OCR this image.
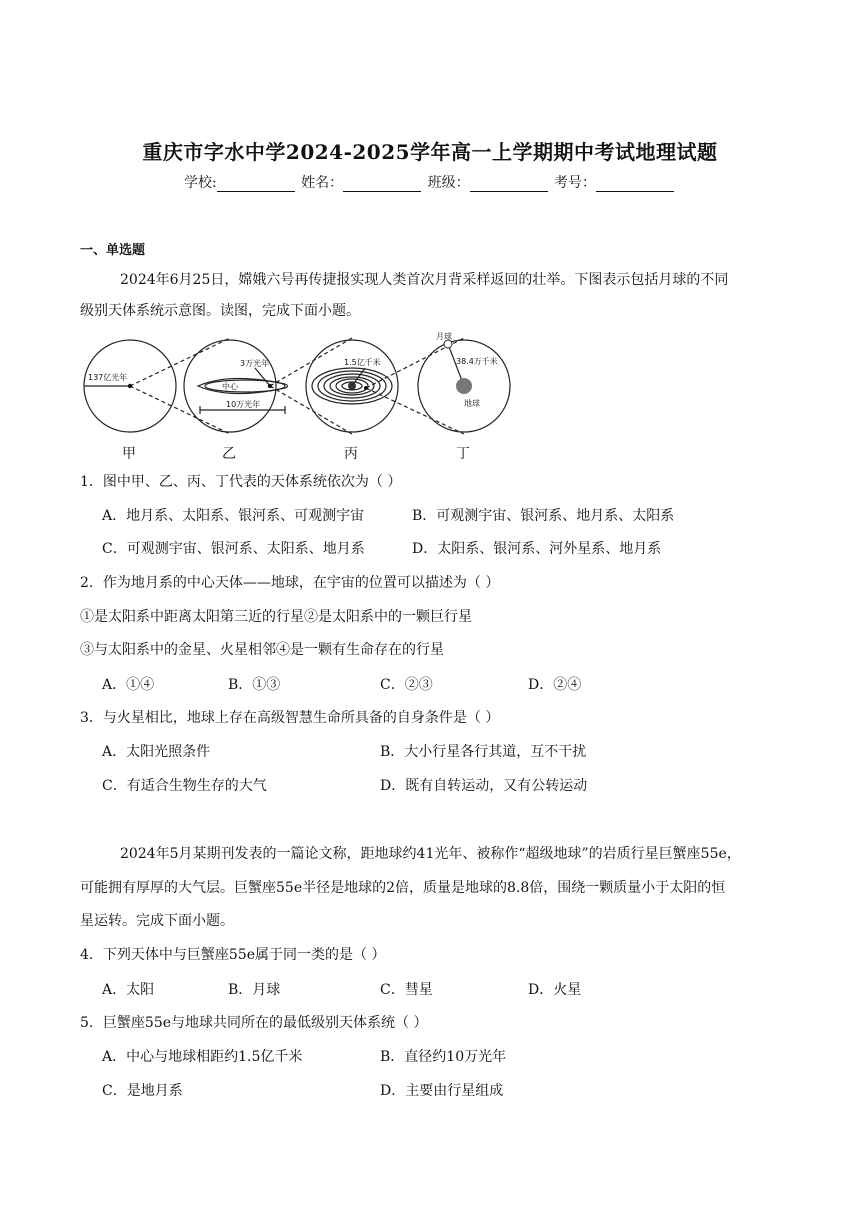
重庆市字水中学2024-2025学年高一上学期期中考试地理试题
学校:	姓名：	班级：	考号：
一、单选题
2024年6月25日，嫦娥六号再传捷报实现人类首次月背采样返回的壮举。下图表示包括月球的不同
级别天体系统示意图。读图，完成下面小题。
137亿光年
3万光年
中心
10万光年
1.5亿千米
月球
38.4万千米
地球
甲	乙	丙	丁
1．图中甲、乙、丙、丁代表的天体系统依次为（ ）
A．地月系、太阳系、银河系、可观测宇宙	B．可观测宇宙、银河系、地月系、太阳系
C．可观测宇宙、银河系、太阳系、地月系	D．太阳系、银河系、河外星系、地月系
2．作为地月系的中心天体——地球，在宇宙的位置可以描述为（ ）
①是太阳系中距离太阳第三近的行星②是太阳系中的一颗巨行星
③与太阳系中的金星、火星相邻④是一颗有生命存在的行星
A．①④	B．①③	C．②③	D．②④
3．与火星相比，地球上存在高级智慧生命所具备的自身条件是（ ）
A．太阳光照条件	B．大小行星各行其道，互不干扰
C．有适合生物生存的大气	D．既有自转运动，又有公转运动
2024年5月某期刊发表的一篇论文称，距地球约41光年、被称作“超级地球”的岩质行星巨蟹座55e，
可能拥有厚厚的大气层。巨蟹座55e半径是地球的2倍，质量是地球的8.8倍，围绕一颗质量小于太阳的恒
星运转。完成下面小题。
4．下列天体中与巨蟹座55e属于同一类的是（ ）
A．太阳	B．月球	C．彗星	D．火星
5．巨蟹座55e与地球共同所在的最低级别天体系统（ ）
A．中心与地球相距约1.5亿千米	B．直径约10万光年
C．是地月系	D．主要由行星组成
